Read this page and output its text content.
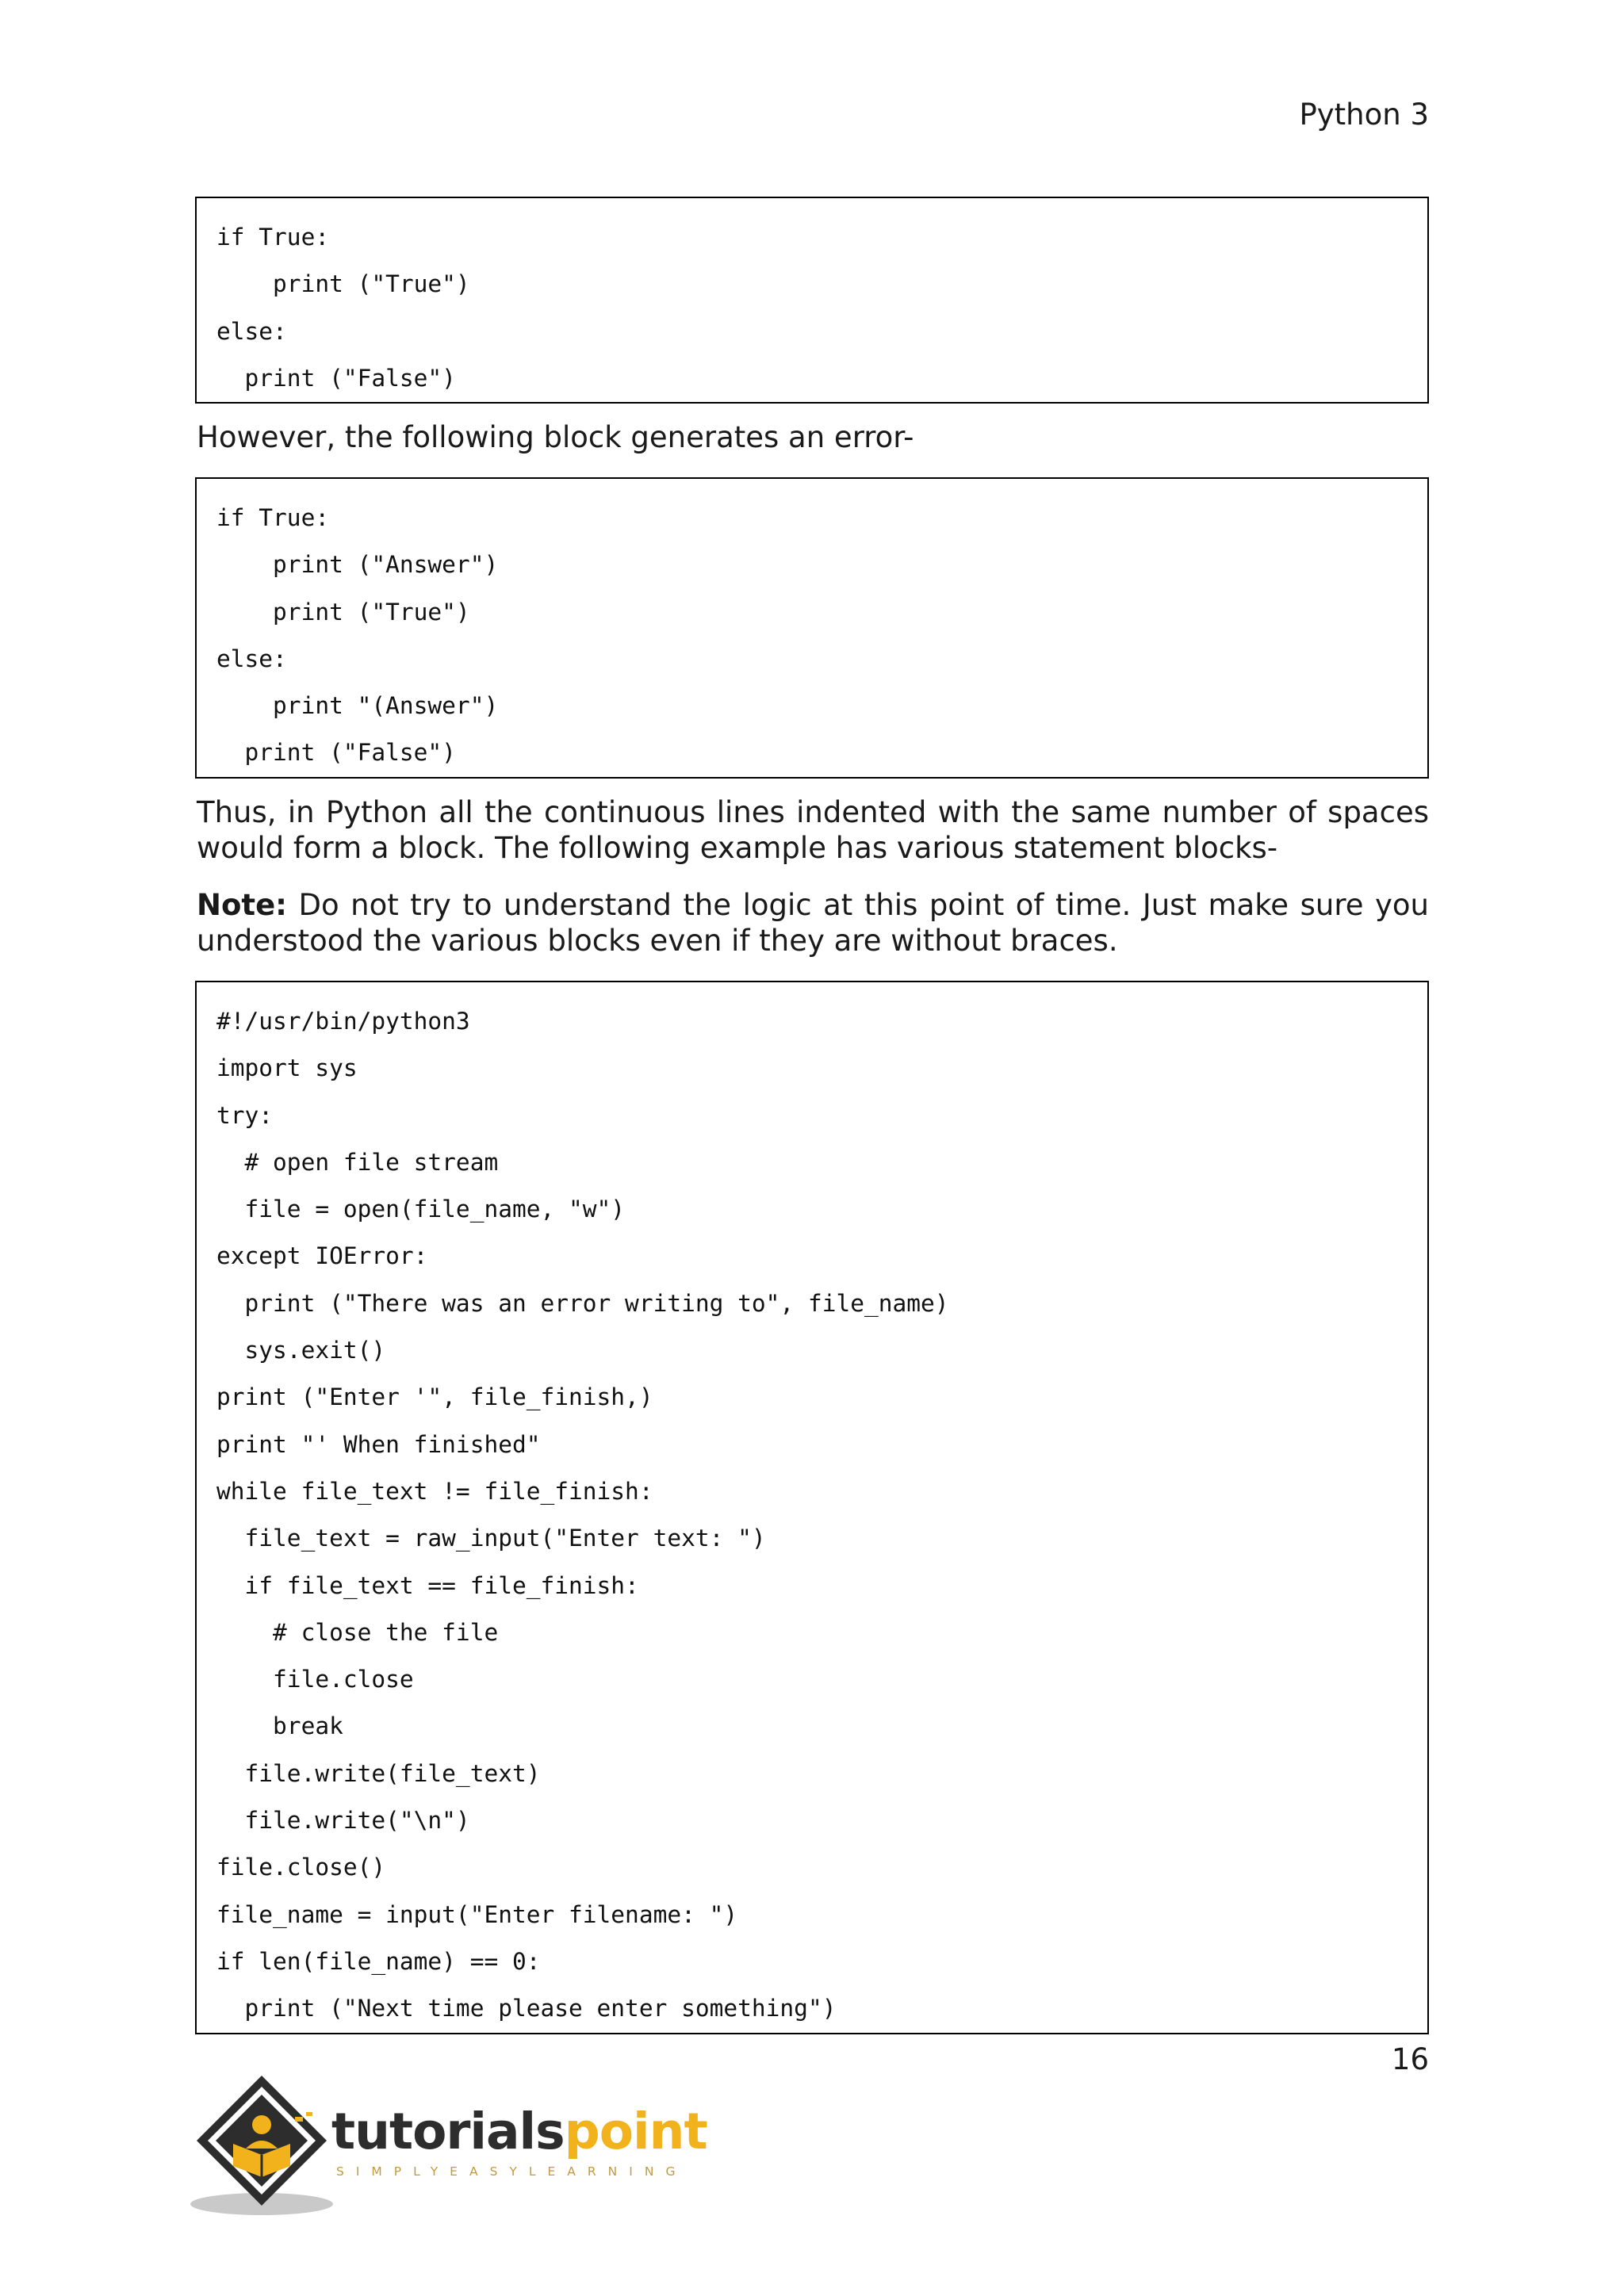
Python 3
if True:
print ("True")
else:
print ("False")

However, the following block generates an error-

if True:
print ("Answer")
print ("True")
else:
print "(Answer")
print ("False")

Thus, in Python all the continuous lines indented with the same number of spaces would form a block. The following example has various statement blocks-

Note: Do not try to understand the logic at this point of time. Just make sure you understood the various blocks even if they are without braces.

#!/usr/bin/python3
import sys
try:
# open file stream
file = open(file_name, "w")
except IOError:
print ("There was an error writing to", file_name)
sys.exit()
print ("Enter '", file_finish,)
print "' When finished"
while file_text != file_finish:
file_text = raw_input("Enter text: ")
if file_text == file_finish:
# close the file
file.close
break
file.write(file_text)
file.write("\n")
file.close()
file_name = input("Enter filename: ")
if len(file_name) == 0:
print ("Next time please enter something")
16
tutorialspoint
SIMPLYEASYLEARNING
